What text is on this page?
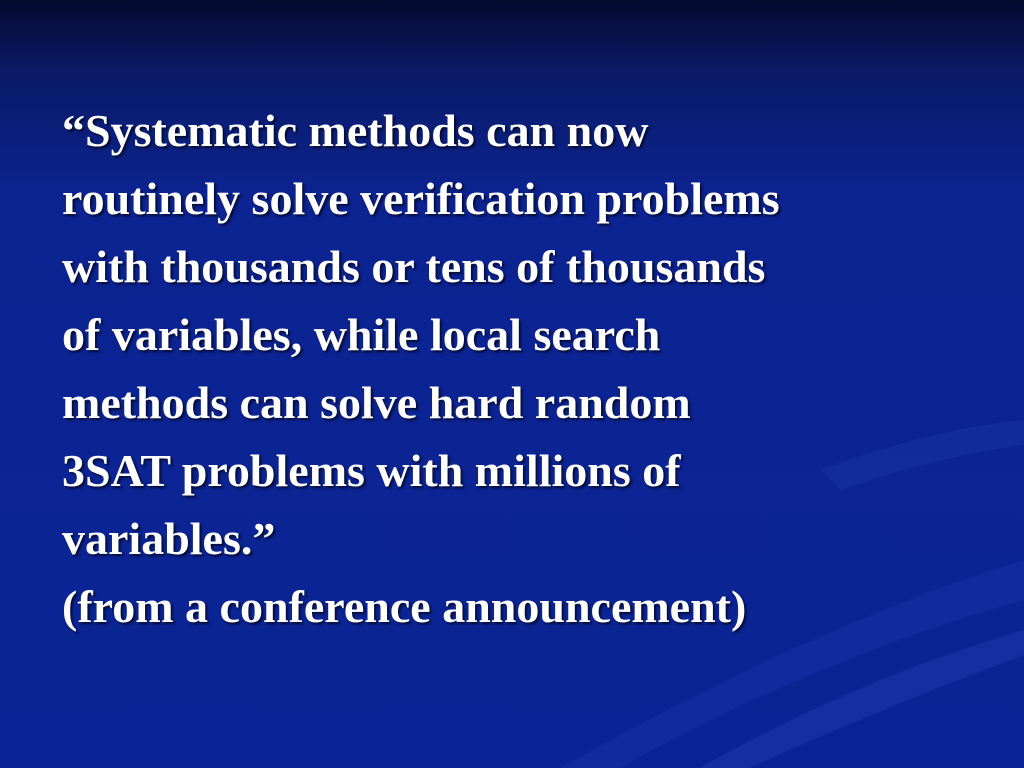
“Systematic methods can now
routinely solve verification problems
with thousands or tens of thousands
of variables, while local search
methods can solve hard random
3SAT problems with millions of
variables.”
(from a conference announcement)
